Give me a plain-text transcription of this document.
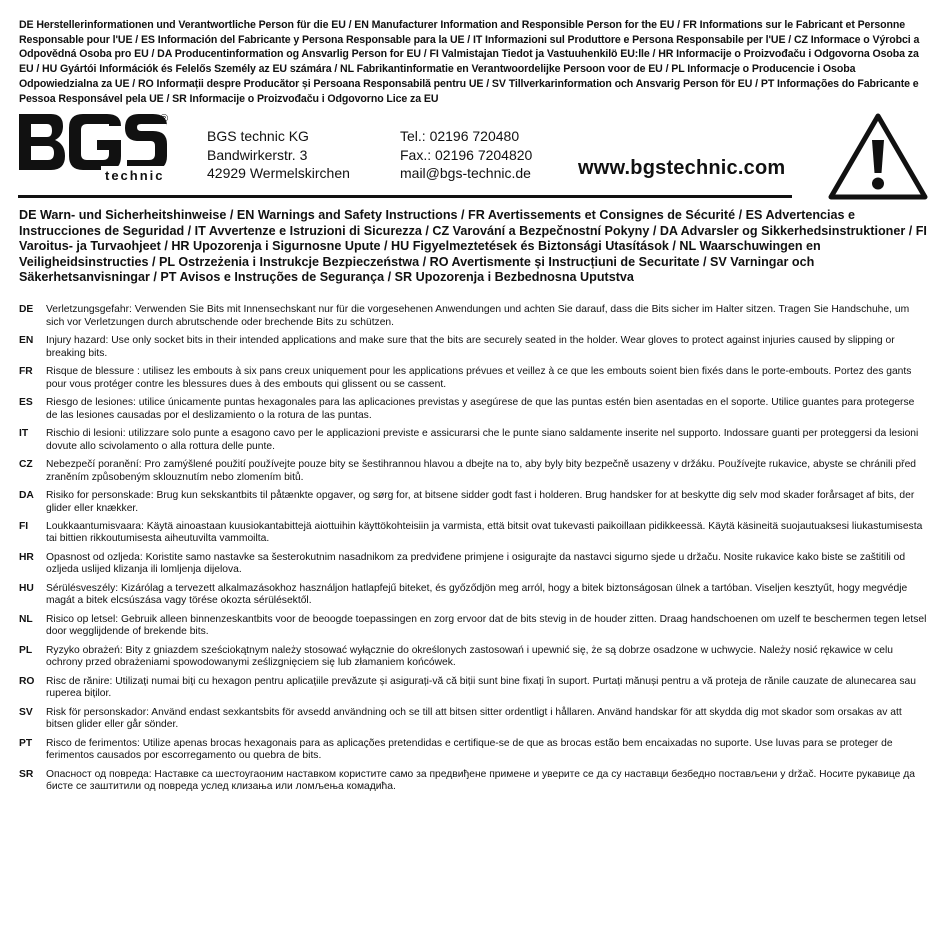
DE Herstellerinformationen und Verantwortliche Person für die EU / EN Manufacturer Information and Responsible Person for the EU / FR Informations sur le Fabricant et Personne Responsable pour l'UE / ES Información del Fabricante y Persona Responsable para la UE / IT Informazioni sul Produttore e Persona Responsabile per l'UE / CZ Informace o Výrobci a Odpovědná Osoba pro EU / DA Producentinformation og Ansvarlig Person for EU / FI Valmistajan Tiedot ja Vastuuhenkilö EU:lle / HR Informacije o Proizvođaču i Odgovorna Osoba za EU / HU Gyártói Információk és Felelős Személy az EU számára / NL Fabrikantinformatie en Verantwoordelijke Persoon voor de EU / PL Informacje o Producencie i Osoba Odpowiedzialna za UE / RO Informații despre Producător și Persoana Responsabilă pentru UE / SV Tillverkarinformation och Ansvarig Person för EU / PT Informações do Fabricante e Pessoa Responsável pela UE / SR Informacije o Proizvođaču i Odgovorno Lice za EU
technic
®
BGS technic KG
Bandwirkerstr. 3
42929 Wermelskirchen
Tel.: 02196 720480
Fax.: 02196 7204820
mail@bgs-technic.de www.bgstechnic.com
DE Warn- und Sicherheitshinweise / EN Warnings and Safety Instructions / FR Avertissements et Consignes de Sécurité / ES Advertencias e Instrucciones de Seguridad / IT Avvertenze e Istruzioni di Sicurezza / CZ Varování a Bezpečnostní Pokyny / DA Advarsler og Sikkerhedsinstruktioner / FI Varoitus- ja Turvaohjeet / HR Upozorenja i Sigurnosne Upute / HU Figyelmeztetések és Biztonsági Utasítások / NL Waarschuwingen en Veiligheidsinstructies / PL Ostrzeżenia i Instrukcje Bezpieczeństwa / RO Avertismente și Instrucțiuni de Securitate / SV Varningar och Säkerhetsanvisningar / PT Avisos e Instruções de Segurança / SR Upozorenja i Bezbednosna Uputstva
DE	Verletzungsgefahr: Verwenden Sie Bits mit Innensechskant nur für die vorgesehenen Anwendungen und achten Sie darauf, dass die Bits sicher im Halter sitzen. Tragen Sie Handschuhe, um sich vor Verletzungen durch abrutschende oder brechende Bits zu schützen.
EN	Injury hazard: Use only socket bits in their intended applications and make sure that the bits are securely seated in the holder. Wear gloves to protect against injuries caused by slipping or breaking bits.
FR	Risque de blessure : utilisez les embouts à six pans creux uniquement pour les applications prévues et veillez à ce que les embouts soient bien fixés dans le porte-embouts. Portez des gants pour vous protéger contre les blessures dues à des embouts qui glissent ou se cassent.
ES	Riesgo de lesiones: utilice únicamente puntas hexagonales para las aplicaciones previstas y asegúrese de que las puntas estén bien asentadas en el soporte. Utilice guantes para protegerse de las lesiones causadas por el deslizamiento o la rotura de las puntas.
IT	Rischio di lesioni: utilizzare solo punte a esagono cavo per le applicazioni previste e assicurarsi che le punte siano saldamente inserite nel supporto. Indossare guanti per proteggersi da lesioni dovute allo scivolamento o alla rottura delle punte.
CZ	Nebezpečí poranění: Pro zamýšlené použití používejte pouze bity se šestihrannou hlavou a dbejte na to, aby byly bity bezpečně usazeny v držáku. Používejte rukavice, abyste se chránili před zraněním způsobeným sklouznutím nebo zlomením bitů.
DA	Risiko for personskade: Brug kun sekskantbits til påtænkte opgaver, og sørg for, at bitsene sidder godt fast i holderen. Brug handsker for at beskytte dig selv mod skader forårsaget af bits, der glider eller knækker.
FI	Loukkaantumisvaara: Käytä ainoastaan kuusiokantabittejä aiottuihin käyttökohteisiin ja varmista, että bitsit ovat tukevasti paikoillaan pidikkeessä. Käytä käsineitä suojautuaksesi liukastumisesta tai bittien rikkoutumisesta aiheutuvilta vammoilta.
HR	Opasnost od ozljeda: Koristite samo nastavke sa šesterokutnim nasadnikom za predviđene primjene i osigurajte da nastavci sigurno sjede u držaču. Nosite rukavice kako biste se zaštitili od ozljeda uslijed klizanja ili lomljenja dijelova.
HU	Sérülésveszély: Kizárólag a tervezett alkalmazásokhoz használjon hatlapfejű biteket, és győződjön meg arról, hogy a bitek biztonságosan ülnek a tartóban. Viseljen kesztyűt, hogy megvédje magát a bitek elcsúszása vagy törése okozta sérülésektől.
NL	Risico op letsel: Gebruik alleen binnenzeskantbits voor de beoogde toepassingen en zorg ervoor dat de bits stevig in de houder zitten. Draag handschoenen om uzelf te beschermen tegen letsel door wegglijdende of brekende bits.
PL	Ryzyko obrażeń: Bity z gniazdem sześciokątnym należy stosować wyłącznie do określonych zastosowań i upewnić się, że są dobrze osadzone w uchwycie. Należy nosić rękawice w celu ochrony przed obrażeniami spowodowanymi ześlizgnięciem się lub złamaniem końcówek.
RO	Risc de rănire: Utilizați numai biți cu hexagon pentru aplicațiile prevăzute și asigurați-vă că biții sunt bine fixați în suport. Purtați mănuși pentru a vă proteja de rănile cauzate de alunecarea sau ruperea biților.
SV	Risk för personskador: Använd endast sexkantsbits för avsedd användning och se till att bitsen sitter ordentligt i hållaren. Använd handskar för att skydda dig mot skador som orsakas av att bitsen glider eller går sönder.
PT	Risco de ferimentos: Utilize apenas brocas hexagonais para as aplicações pretendidas e certifique-se de que as brocas estão bem encaixadas no suporte. Use luvas para se proteger de ferimentos causados por escorregamento ou quebra de bits.
SR	Опасност од повреда: Наставке са шестоугаоним наставком користите само за предвиђене примене и уверите се да су наставци безбедно постављени у držač. Носите рукавице да бисте се заштитили од повреда услед клизања или ломљења комадића.
